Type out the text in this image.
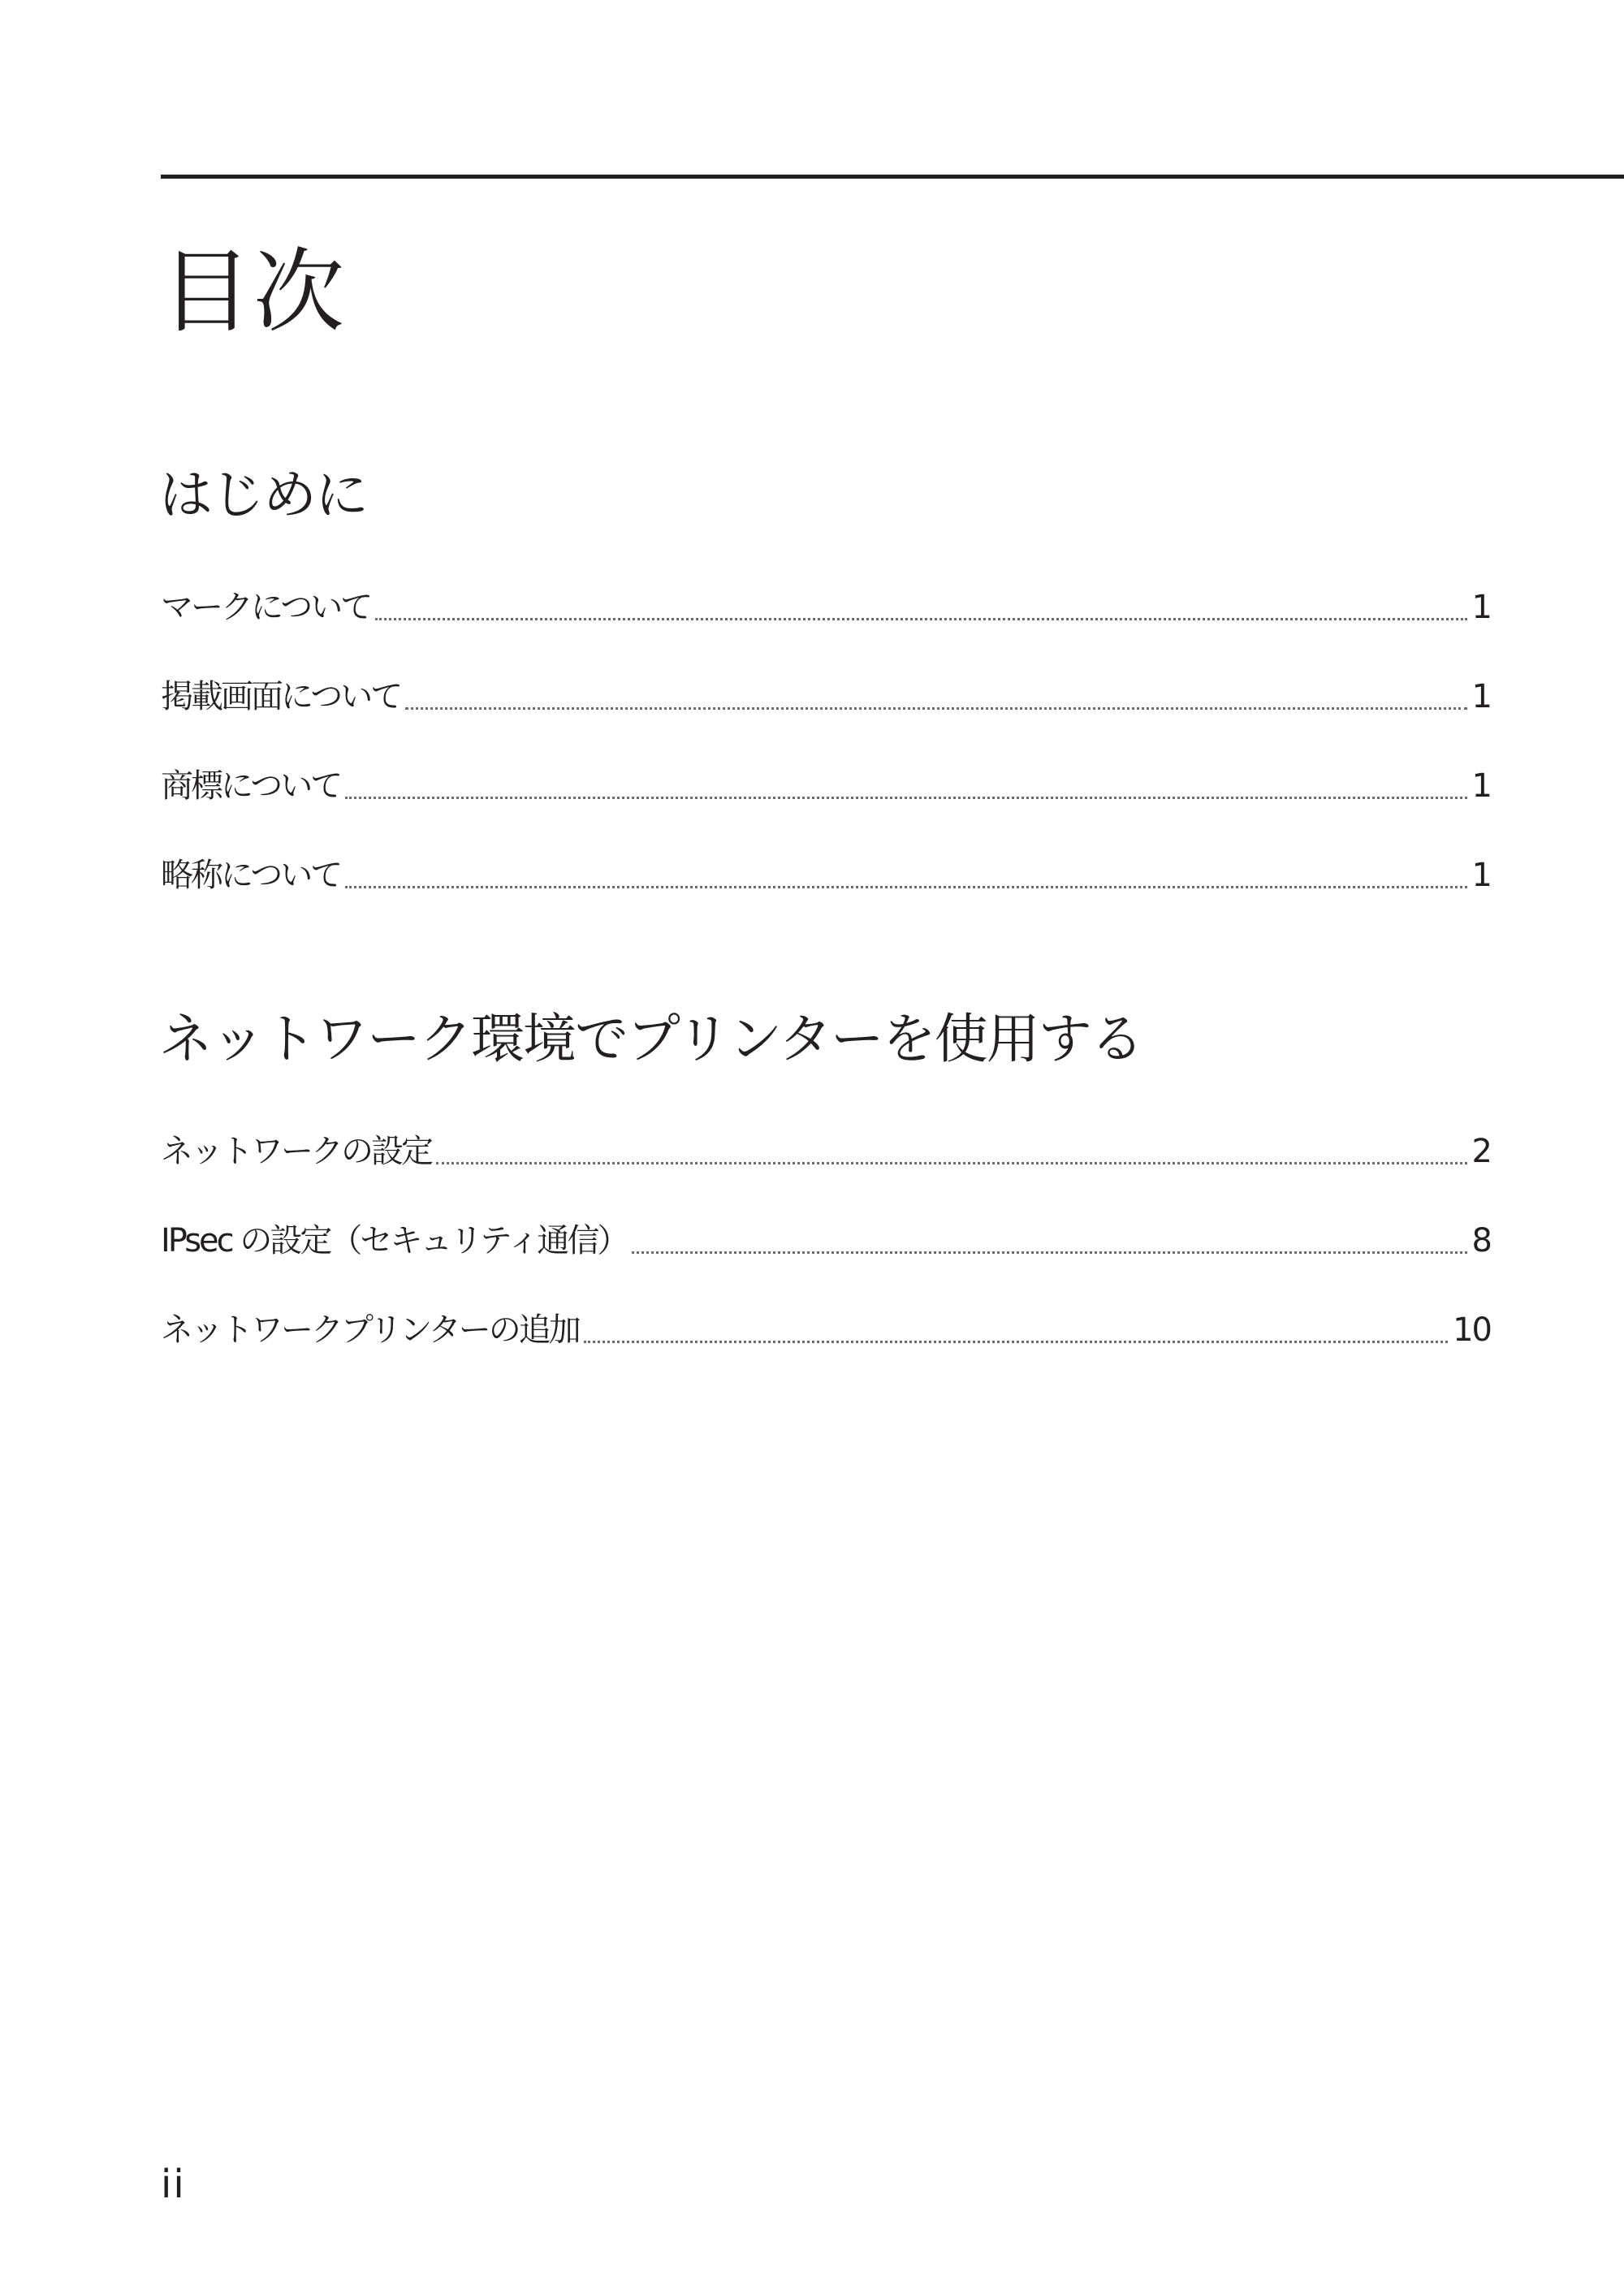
目次
はじめに
マークについて	1
掲載画面について	1
商標について	1
略称について	1
ネットワーク環境でプリンターを使用する
ネットワークの設定	2
IPsec の設定（セキュリティ通信）	8
ネットワークプリンターの追加	10
ii
